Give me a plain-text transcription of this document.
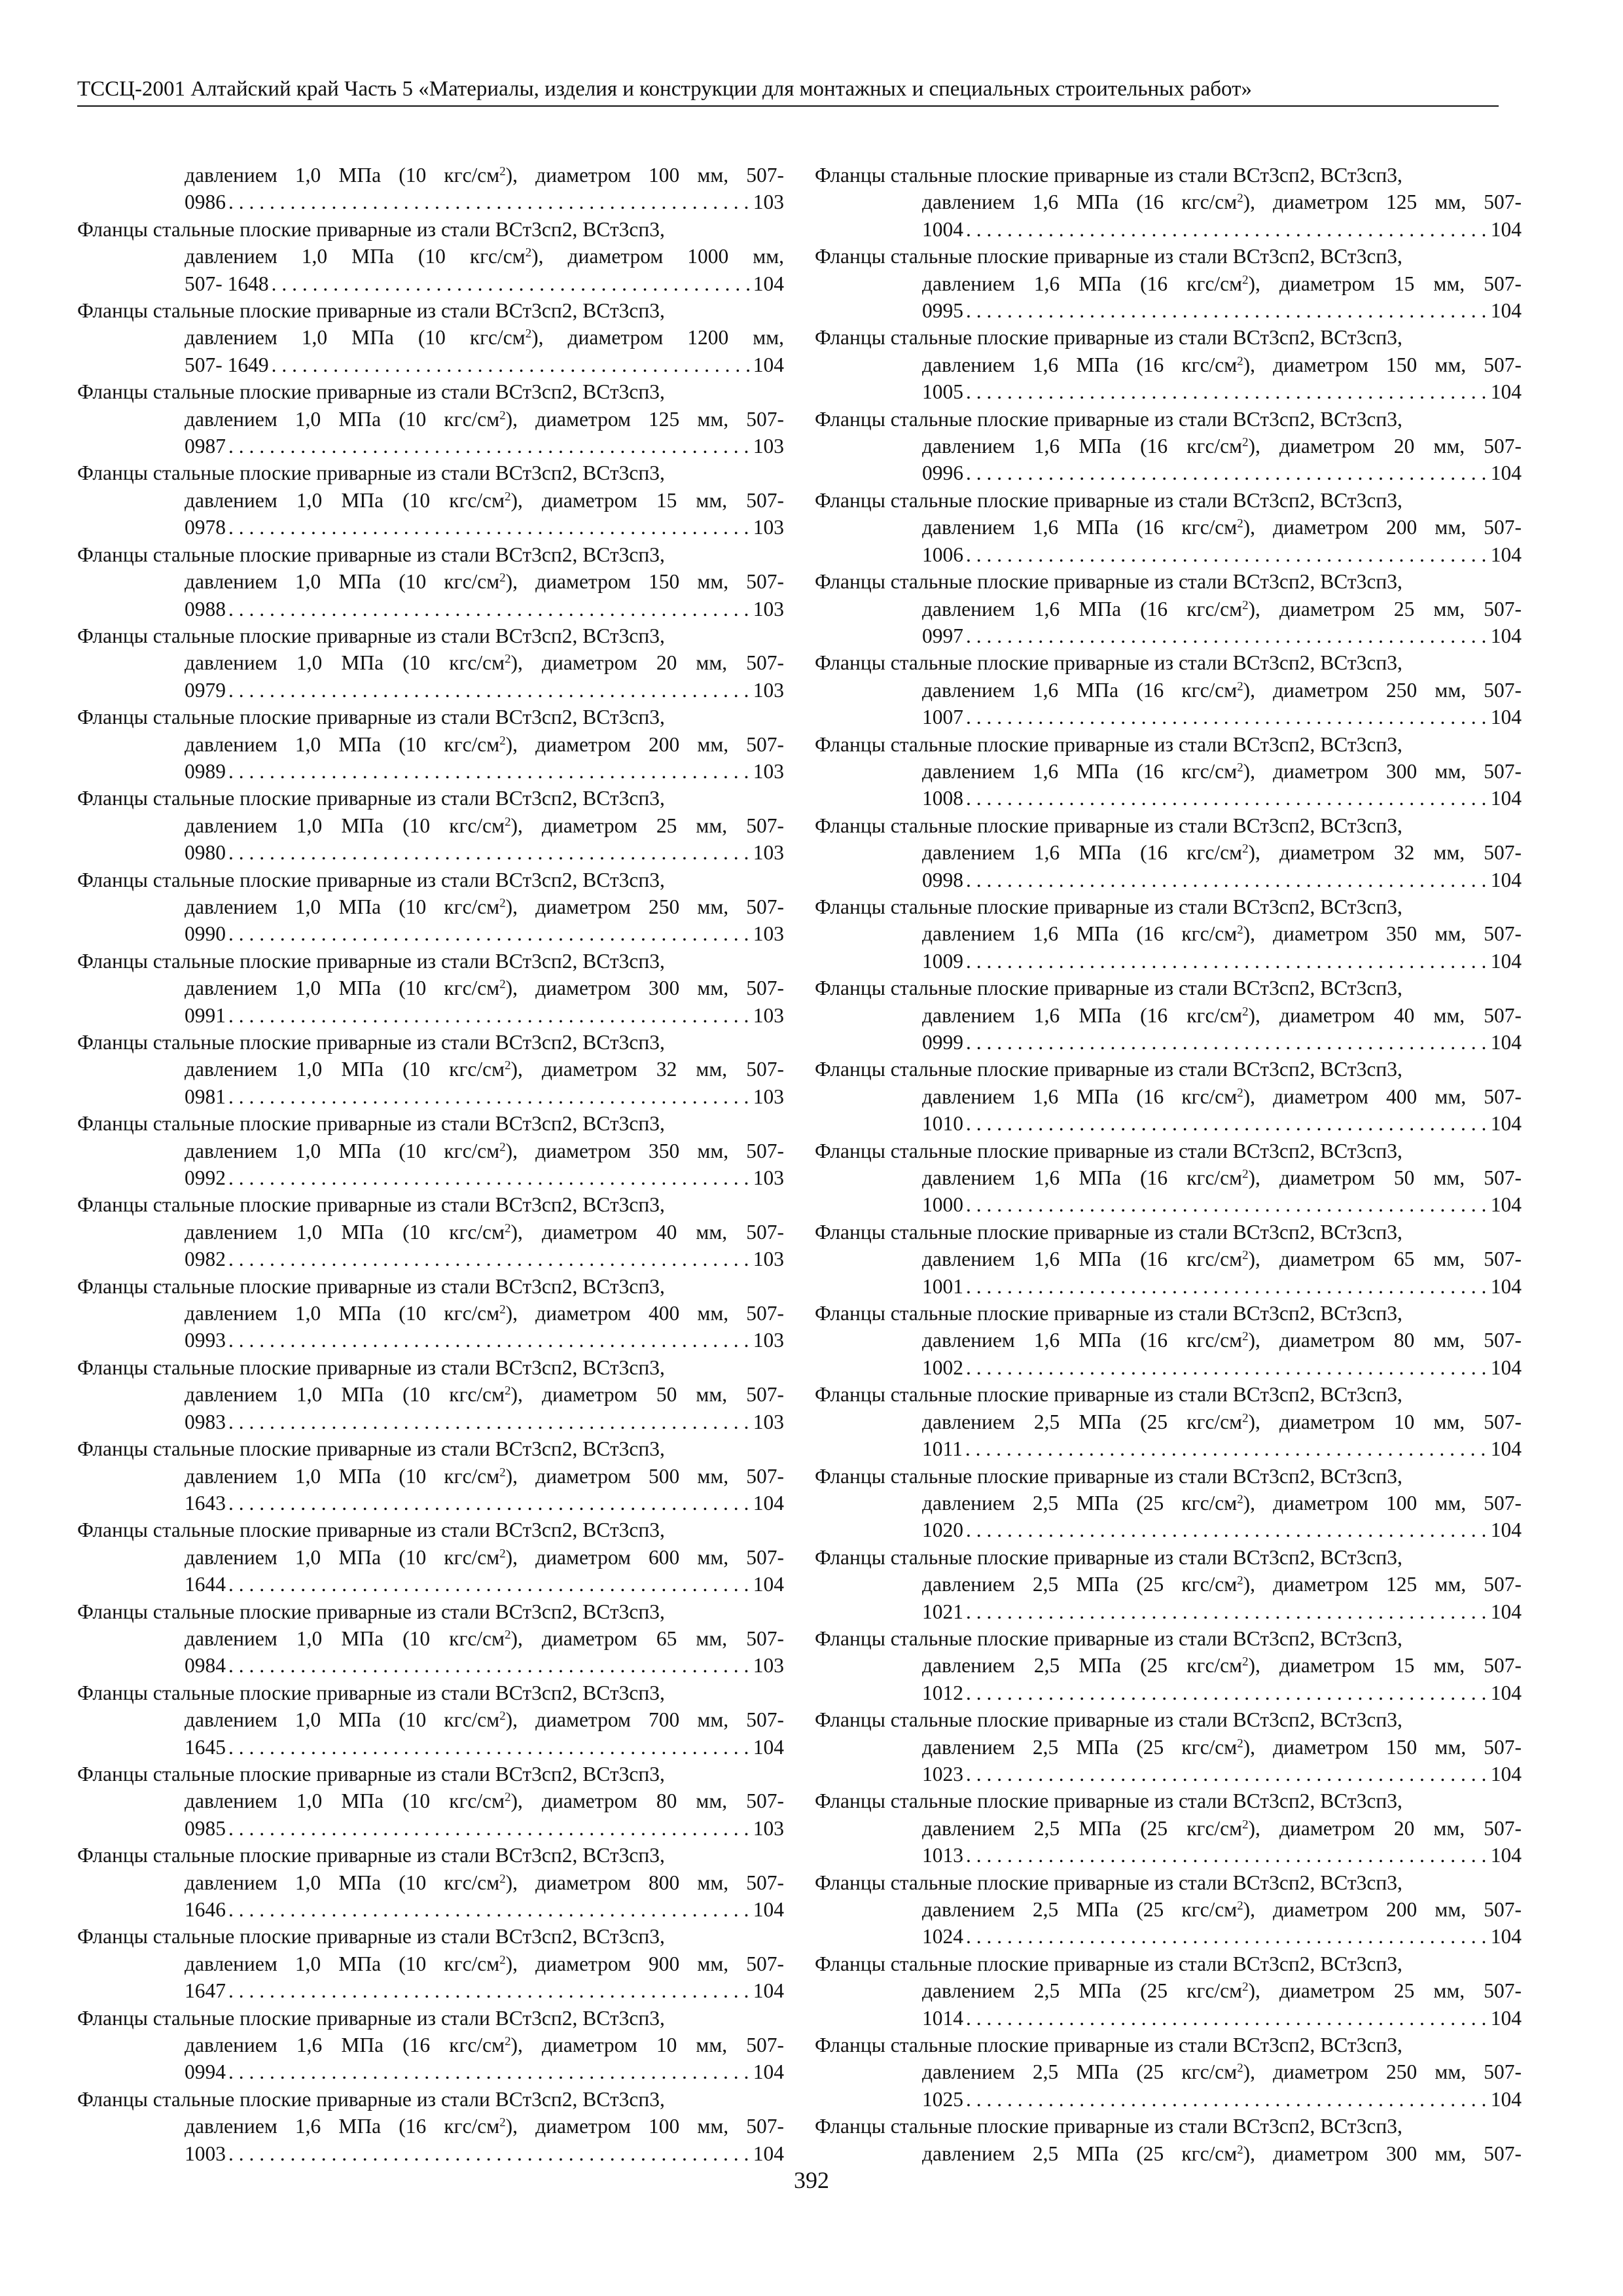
ТССЦ-2001 Алтайский край Часть 5 «Материалы, изделия и конструкции для монтажных и специальных строительных работ»
давлением 1,0 МПа (10 кгс/$см^2$), диаметром 100 мм, 507-
0986 . . .	103
Фланцы стальные плоские приварные из стали ВСт3сп2, ВСт3сп3,
давлением 1,0 МПа (10 кгс/$см^2$), диаметром 1000 мм,
507- 1648 . . .	104
Фланцы стальные плоские приварные из стали ВСт3сп2, ВСт3сп3,
давлением 1,0 МПа (10 кгс/$см^2$), диаметром 1200 мм,
507- 1649 . . .	104
Фланцы стальные плоские приварные из стали ВСт3сп2, ВСт3сп3,
давлением 1,0 МПа (10 кгс/$см^2$), диаметром 125 мм, 507-
0987 . . .	103
Фланцы стальные плоские приварные из стали ВСт3сп2, ВСт3сп3,
давлением 1,0 МПа (10 кгс/$см^2$), диаметром 15 мм, 507-
0978 . . .	103
Фланцы стальные плоские приварные из стали ВСт3сп2, ВСт3сп3,
давлением 1,0 МПа (10 кгс/$см^2$), диаметром 150 мм, 507-
0988 . . .	103
Фланцы стальные плоские приварные из стали ВСт3сп2, ВСт3сп3,
давлением 1,0 МПа (10 кгс/$см^2$), диаметром 20 мм, 507-
0979 . . .	103
Фланцы стальные плоские приварные из стали ВСт3сп2, ВСт3сп3,
давлением 1,0 МПа (10 кгс/$см^2$), диаметром 200 мм, 507-
0989 . . .	103
Фланцы стальные плоские приварные из стали ВСт3сп2, ВСт3сп3,
давлением 1,0 МПа (10 кгс/$см^2$), диаметром 25 мм, 507-
0980 . . .	103
Фланцы стальные плоские приварные из стали ВСт3сп2, ВСт3сп3,
давлением 1,0 МПа (10 кгс/$см^2$), диаметром 250 мм, 507-
0990 . . .	103
Фланцы стальные плоские приварные из стали ВСт3сп2, ВСт3сп3,
давлением 1,0 МПа (10 кгс/$см^2$), диаметром 300 мм, 507-
0991 . . .	103
Фланцы стальные плоские приварные из стали ВСт3сп2, ВСт3сп3,
давлением 1,0 МПа (10 кгс/$см^2$), диаметром 32 мм, 507-
0981 . . .	103
Фланцы стальные плоские приварные из стали ВСт3сп2, ВСт3сп3,
давлением 1,0 МПа (10 кгс/$см^2$), диаметром 350 мм, 507-
0992 . . .	103
Фланцы стальные плоские приварные из стали ВСт3сп2, ВСт3сп3,
давлением 1,0 МПа (10 кгс/$см^2$), диаметром 40 мм, 507-
0982 . . .	103
Фланцы стальные плоские приварные из стали ВСт3сп2, ВСт3сп3,
давлением 1,0 МПа (10 кгс/$см^2$), диаметром 400 мм, 507-
0993 . . .	103
Фланцы стальные плоские приварные из стали ВСт3сп2, ВСт3сп3,
давлением 1,0 МПа (10 кгс/$см^2$), диаметром 50 мм, 507-
0983 . . .	103
Фланцы стальные плоские приварные из стали ВСт3сп2, ВСт3сп3,
давлением 1,0 МПа (10 кгс/$см^2$), диаметром 500 мм, 507-
1643 . . .	104
Фланцы стальные плоские приварные из стали ВСт3сп2, ВСт3сп3,
давлением 1,0 МПа (10 кгс/$см^2$), диаметром 600 мм, 507-
1644 . . .	104
Фланцы стальные плоские приварные из стали ВСт3сп2, ВСт3сп3,
давлением 1,0 МПа (10 кгс/$см^2$), диаметром 65 мм, 507-
0984 . . .	103
Фланцы стальные плоские приварные из стали ВСт3сп2, ВСт3сп3,
давлением 1,0 МПа (10 кгс/$см^2$), диаметром 700 мм, 507-
1645 . . .	104
Фланцы стальные плоские приварные из стали ВСт3сп2, ВСт3сп3,
давлением 1,0 МПа (10 кгс/$см^2$), диаметром 80 мм, 507-
0985 . . .	103
Фланцы стальные плоские приварные из стали ВСт3сп2, ВСт3сп3,
давлением 1,0 МПа (10 кгс/$см^2$), диаметром 800 мм, 507-
1646 . . .	104
Фланцы стальные плоские приварные из стали ВСт3сп2, ВСт3сп3,
давлением 1,0 МПа (10 кгс/$см^2$), диаметром 900 мм, 507-
1647 . . .	104
Фланцы стальные плоские приварные из стали ВСт3сп2, ВСт3сп3,
давлением 1,6 МПа (16 кгс/$см^2$), диаметром 10 мм, 507-
0994 . . .	104
Фланцы стальные плоские приварные из стали ВСт3сп2, ВСт3сп3,
давлением 1,6 МПа (16 кгс/$см^2$), диаметром 100 мм, 507-
1003 . . .	104
Фланцы стальные плоские приварные из стали ВСт3сп2, ВСт3сп3,
давлением 1,6 МПа (16 кгс/$см^2$), диаметром 125 мм, 507-
1004 . . .	104
Фланцы стальные плоские приварные из стали ВСт3сп2, ВСт3сп3,
давлением 1,6 МПа (16 кгс/$см^2$), диаметром 15 мм, 507-
0995 . . .	104
Фланцы стальные плоские приварные из стали ВСт3сп2, ВСт3сп3,
давлением 1,6 МПа (16 кгс/$см^2$), диаметром 150 мм, 507-
1005 . . .	104
Фланцы стальные плоские приварные из стали ВСт3сп2, ВСт3сп3,
давлением 1,6 МПа (16 кгс/$см^2$), диаметром 20 мм, 507-
0996 . . .	104
Фланцы стальные плоские приварные из стали ВСт3сп2, ВСт3сп3,
давлением 1,6 МПа (16 кгс/$см^2$), диаметром 200 мм, 507-
1006 . . .	104
Фланцы стальные плоские приварные из стали ВСт3сп2, ВСт3сп3,
давлением 1,6 МПа (16 кгс/$см^2$), диаметром 25 мм, 507-
0997 . . .	104
Фланцы стальные плоские приварные из стали ВСт3сп2, ВСт3сп3,
давлением 1,6 МПа (16 кгс/$см^2$), диаметром 250 мм, 507-
1007 . . .	104
Фланцы стальные плоские приварные из стали ВСт3сп2, ВСт3сп3,
давлением 1,6 МПа (16 кгс/$см^2$), диаметром 300 мм, 507-
1008 . . .	104
Фланцы стальные плоские приварные из стали ВСт3сп2, ВСт3сп3,
давлением 1,6 МПа (16 кгс/$см^2$), диаметром 32 мм, 507-
0998 . . .	104
Фланцы стальные плоские приварные из стали ВСт3сп2, ВСт3сп3,
давлением 1,6 МПа (16 кгс/$см^2$), диаметром 350 мм, 507-
1009 . . .	104
Фланцы стальные плоские приварные из стали ВСт3сп2, ВСт3сп3,
давлением 1,6 МПа (16 кгс/$см^2$), диаметром 40 мм, 507-
0999 . . .	104
Фланцы стальные плоские приварные из стали ВСт3сп2, ВСт3сп3,
давлением 1,6 МПа (16 кгс/$см^2$), диаметром 400 мм, 507-
1010 . . .	104
Фланцы стальные плоские приварные из стали ВСт3сп2, ВСт3сп3,
давлением 1,6 МПа (16 кгс/$см^2$), диаметром 50 мм, 507-
1000 . . .	104
Фланцы стальные плоские приварные из стали ВСт3сп2, ВСт3сп3,
давлением 1,6 МПа (16 кгс/$см^2$), диаметром 65 мм, 507-
1001 . . .	104
Фланцы стальные плоские приварные из стали ВСт3сп2, ВСт3сп3,
давлением 1,6 МПа (16 кгс/$см^2$), диаметром 80 мм, 507-
1002 . . .	104
Фланцы стальные плоские приварные из стали ВСт3сп2, ВСт3сп3,
давлением 2,5 МПа (25 кгс/$см^2$), диаметром 10 мм, 507-
1011 . . .	104
Фланцы стальные плоские приварные из стали ВСт3сп2, ВСт3сп3,
давлением 2,5 МПа (25 кгс/$см^2$), диаметром 100 мм, 507-
1020 . . .	104
Фланцы стальные плоские приварные из стали ВСт3сп2, ВСт3сп3,
давлением 2,5 МПа (25 кгс/$см^2$), диаметром 125 мм, 507-
1021 . . .	104
Фланцы стальные плоские приварные из стали ВСт3сп2, ВСт3сп3,
давлением 2,5 МПа (25 кгс/$см^2$), диаметром 15 мм, 507-
1012 . . .	104
Фланцы стальные плоские приварные из стали ВСт3сп2, ВСт3сп3,
давлением 2,5 МПа (25 кгс/$см^2$), диаметром 150 мм, 507-
1023 . . .	104
Фланцы стальные плоские приварные из стали ВСт3сп2, ВСт3сп3,
давлением 2,5 МПа (25 кгс/$см^2$), диаметром 20 мм, 507-
1013 . . .	104
Фланцы стальные плоские приварные из стали ВСт3сп2, ВСт3сп3,
давлением 2,5 МПа (25 кгс/$см^2$), диаметром 200 мм, 507-
1024 . . .	104
Фланцы стальные плоские приварные из стали ВСт3сп2, ВСт3сп3,
давлением 2,5 МПа (25 кгс/$см^2$), диаметром 25 мм, 507-
1014 . . .	104
Фланцы стальные плоские приварные из стали ВСт3сп2, ВСт3сп3,
давлением 2,5 МПа (25 кгс/$см^2$), диаметром 250 мм, 507-
1025 . . .	104
Фланцы стальные плоские приварные из стали ВСт3сп2, ВСт3сп3,
давлением 2,5 МПа (25 кгс/$см^2$), диаметром 300 мм, 507-
392
